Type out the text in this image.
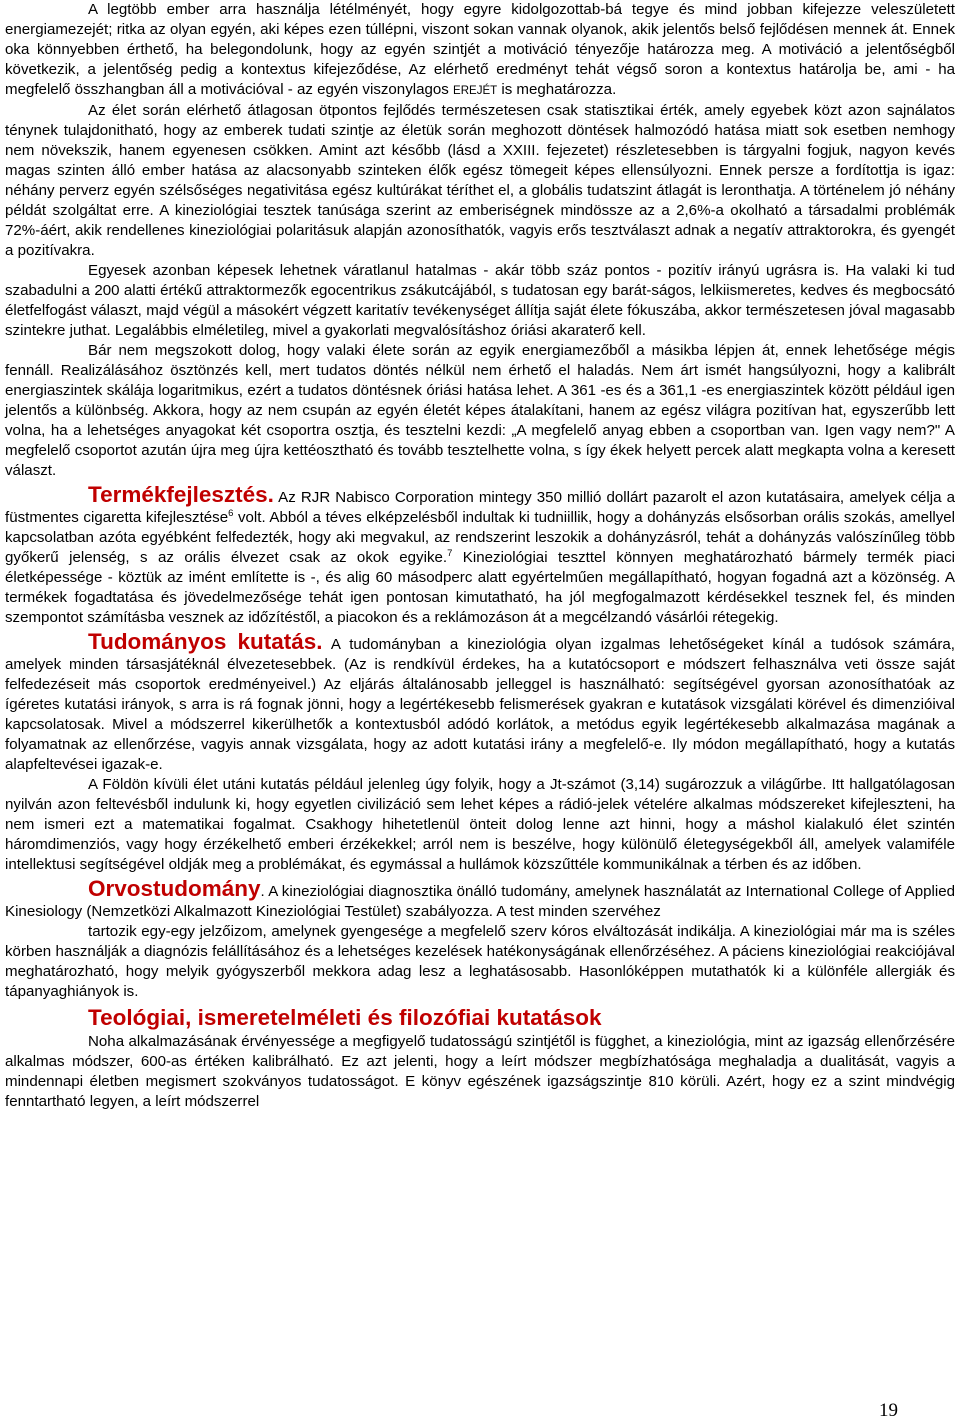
A legtöbb ember arra használja létélményét, hogy egyre kidolgozottab-bá tegye és mind jobban kifejezze veleszületett energiamezejét; ritka az olyan egyén, aki képes ezen túllépni, viszont sokan vannak olyanok, akik jelentős belső fejlődésen mennek át. Ennek oka könnyebben érthető, ha belegondolunk, hogy az egyén szintjét a motiváció tényezője határozza meg. A motiváció a jelentőségből következik, a jelentőség pedig a kontextus kifejeződése, Az elérhető eredményt tehát végső soron a kontextus határolja be, ami - ha megfelelő összhangban áll a motivációval - az egyén viszonylagos EREJÉT is meghatározza.

Az élet során elérhető átlagosan ötpontos fejlődés természetesen csak statisztikai érték, amely egyebek közt azon sajnálatos ténynek tulajdonitható, hogy az emberek tudati szintje az életük során meghozott döntések halmozódó hatása miatt sok esetben nemhogy nem növekszik, hanem egyenesen csökken. Amint azt később (lásd a XXIII. fejezetet) részletesebben is tárgyalni fogjuk, nagyon kevés magas szinten álló ember hatása az alacsonyabb szinteken élők egész tömegeit képes ellensúlyozni. Ennek persze a fordítottja is igaz: néhány perverz egyén szélsőséges negativitása egész kultúrákat téríthet el, a globális tudatszint átlagát is leronthatja. A történelem jó néhány példát szolgáltat erre. A kineziológiai tesztek tanúsága szerint az emberiségnek mindössze az a 2,6%-a okolható a társadalmi problémák 72%-áért, akik rendellenes kineziológiai polaritásuk alapján azonosíthatók, vagyis erős tesztválaszt adnak a negatív attraktorokra, és gyengét a pozitívakra.

Egyesek azonban képesek lehetnek váratlanul hatalmas - akár több száz pontos - pozitív irányú ugrásra is. Ha valaki ki tud szabadulni a 200 alatti értékű attraktormezők egocentrikus zsákutcájából, s tudatosan egy barát-ságos, lelkiismeretes, kedves és megbocsátó életfelfogást választ, majd végül a másokért végzett karitatív tevékenységet állítja saját élete fókuszába, akkor természetesen jóval magasabb szintekre juthat. Legalábbis elméletileg, mivel a gyakorlati megvalósításhoz óriási akaraterő kell.

Bár nem megszokott dolog, hogy valaki élete során az egyik energiamezőből a másikba lépjen át, ennek lehetősége mégis fennáll. Realizálásához ösztönzés kell, mert tudatos döntés nélkül nem érhető el haladás. Nem árt ismét hangsúlyozni, hogy a kalibrált energiaszintek skálája logaritmikus, ezért a tudatos döntésnek óriási hatása lehet. A 361 -es és a 361,1 -es energiaszintek között például igen jelentős a különbség. Akkora, hogy az nem csupán az egyén életét képes átalakítani, hanem az egész világra pozitívan hat, egyszerűbb lett volna, ha a lehetséges anyagokat két csoportra osztja, és tesztelni kezdi: „A megfelelő anyag ebben a csoportban van. Igen vagy nem?" A megfelelő csoportot azután újra meg újra kettéosztható és tovább tesztelhette volna, s így ékek helyett percek alatt megkapta volna a keresett választ.

Termékfejlesztés. Az RJR Nabisco Corporation mintegy 350 millió dollárt pazarolt el azon kutatásaira, amelyek célja a füstmentes cigaretta kifejlesztése$^6$ volt. Abból a téves elképzelésből indultak ki tudniillik, hogy a dohányzás elsősorban orális szokás, amellyel kapcsolatban azóta egyébként felfedezték, hogy aki megvakul, az rendszerint leszokik a dohányzásról, tehát a dohányzás valószínűleg több győkerű jelenség, s az orális élvezet csak az okok egyike.$^7$ Kineziológiai teszttel könnyen meghatározható bármely termék piaci életképessége - köztük az imént említette is -, és alig 60 másodperc alatt egyértelműen megállapítható, hogyan fogadná azt a közönség. A termékek fogadtatása és jövedelmezősége tehát igen pontosan kimutatható, ha jól megfogalmazott kérdésekkel tesznek fel, és minden szempontot számításba vesznek az időzítéstől, a piacokon és a reklámozáson át a megcélzandó vásárlói rétegekig.

Tudományos kutatás. A tudományban a kineziológia olyan izgalmas lehetőségeket kínál a tudósok számára, amelyek minden társasjátéknál élvezetesebbek. (Az is rendkívül érdekes, ha a kutatócsoport e módszert felhasználva veti össze saját felfedezéseit más csoportok eredményeivel.) Az eljárás általánosabb jelleggel is használható: segítségével gyorsan azonosíthatóak az ígéretes kutatási irányok, s arra is rá fognak jönni, hogy a legértékesebb felismerések gyakran e kutatások vizsgálati körével és dimenzióival kapcsolatosak. Mivel a módszerrel kikerülhetők a kontextusból adódó korlátok, a metódus egyik legértékesebb alkalmazása magának a folyamatnak az ellenőrzése, vagyis annak vizsgálata, hogy az adott kutatási irány a megfelelő-e. Ily módon megállapítható, hogy a kutatás alapfeltevései igazak-e.

A Földön kívüli élet utáni kutatás például jelenleg úgy folyik, hogy a Jt-számot (3,14) sugározzuk a világűrbe. Itt hallgatólagosan nyilván azon feltevésből indulunk ki, hogy egyetlen civilizáció sem lehet képes a rádió-jelek vételére alkalmas módszereket kifejleszteni, ha nem ismeri ezt a matematikai fogalmat. Csakhogy hihetetlenül önteit dolog lenne azt hinni, hogy a máshol kialakuló élet szintén háromdimenziós, vagy hogy érzékelhető emberi érzékekkel; arról nem is beszélve, hogy különülő életegységekből áll, amelyek valamiféle intellektusi segítségével oldják meg a problémákat, és egymással a hullámok közszűttéle kommunikálnak a térben és az időben.

Orvostudomány. A kineziológiai diagnosztika önálló tudomány, amelynek használatát az International College of Applied Kinesiology (Nemzetközi Alkalmazott Kineziológiai Testület) szabályozza. A test minden szervéhez

tartozik egy-egy jelzőizom, amelynek gyengesége a megfelelő szerv kóros elváltozását indikálja. A kineziológiai már ma is széles körben használják a diagnózis felállításához és a lehetséges kezelések hatékonyságának ellenőrzéséhez. A páciens kineziológiai reakciójával meghatározható, hogy melyik gyógyszerből mekkora adag lesz a leghatásosabb. Hasonlóképpen mutathatók ki a különféle allergiák és tápanyaghiányok is.

Teológiai, ismeretelméleti és filozófiai kutatások

Noha alkalmazásának érvényessége a megfigyelő tudatosságú szintjétől is függhet, a kineziológia, mint az igazság ellenőrzésére alkalmas módszer, 600-as értéken kalibrálható. Ez azt jelenti, hogy a leírt módszer megbízhatósága meghaladja a dualitását, vagyis a mindennapi életben megismert szokványos tudatosságot. E könyv egészének igazságszintje 810 körüli. Azért, hogy ez a szint mindvégig fenntartható legyen, a leírt módszerrel

19
